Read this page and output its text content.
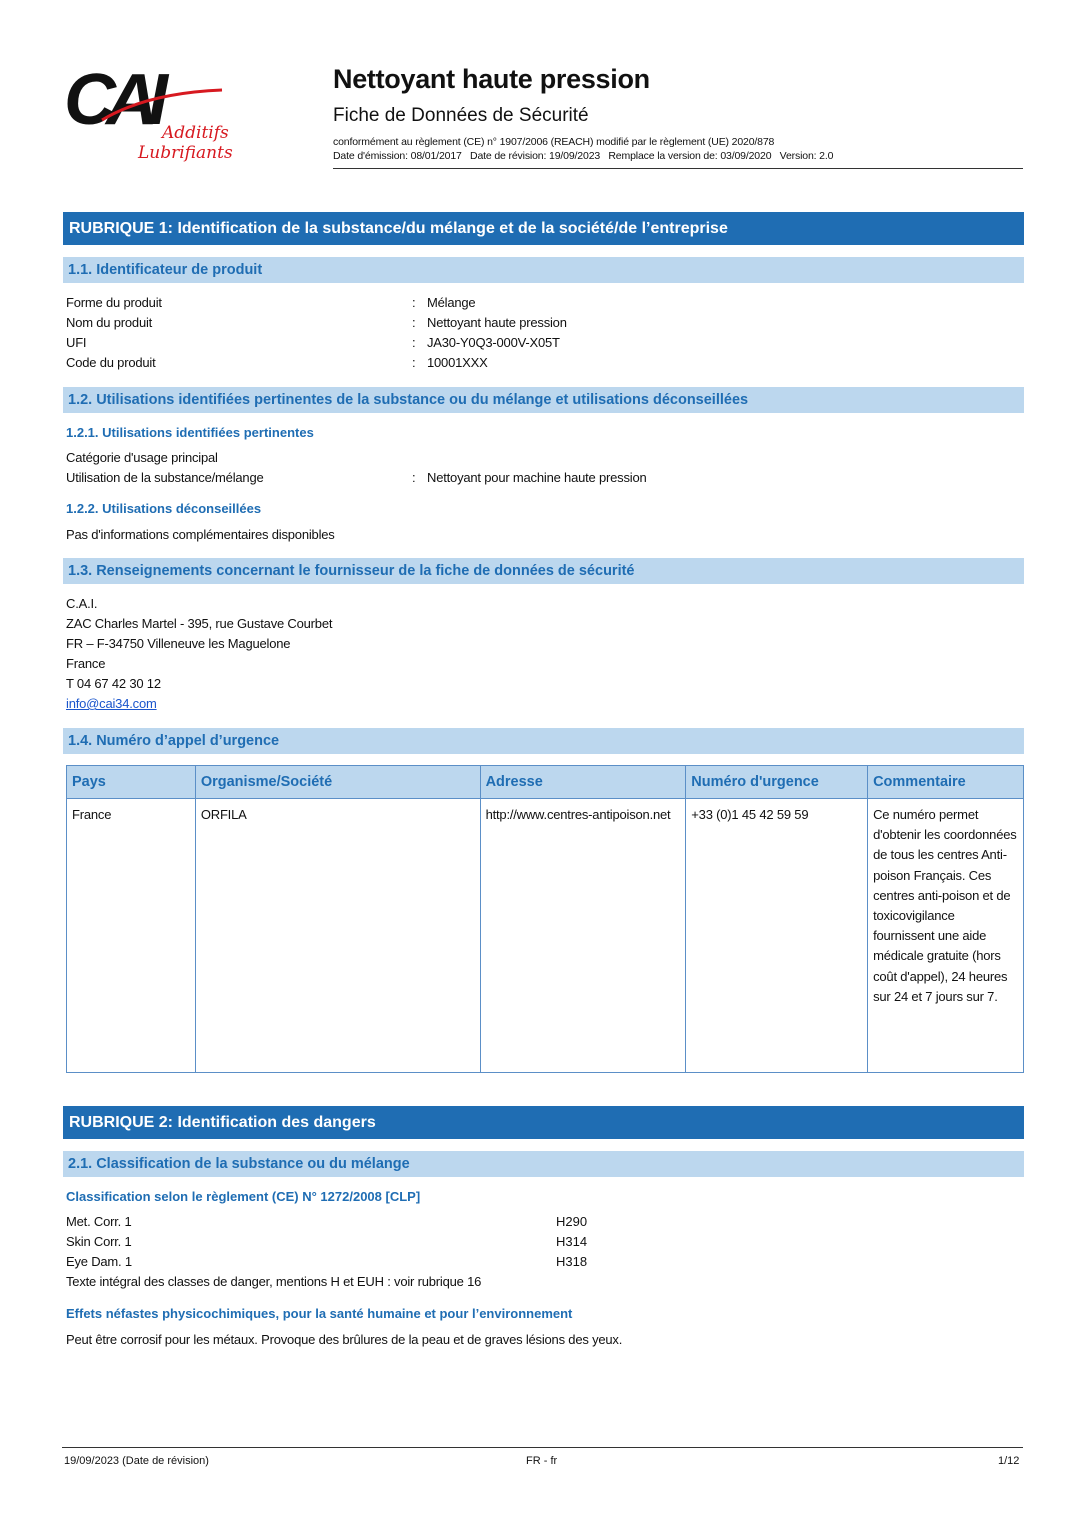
CAI Additifs
Lubrifiants
Nettoyant haute pression
Fiche de Données de Sécurité
conformément au règlement (CE) n° 1907/2006 (REACH) modifié par le règlement (UE) 2020/878
Date d'émission: 08/01/2017   Date de révision: 19/09/2023   Remplace la version de: 03/09/2020   Version: 2.0
RUBRIQUE 1: Identification de la substance/du mélange et de la société/de l’entreprise
1.1. Identificateur de produit
Forme du produit	: Mélange
Nom du produit	: Nettoyant haute pression
UFI	: JA30-Y0Q3-000V-X05T
Code du produit	: 10001XXX
1.2. Utilisations identifiées pertinentes de la substance ou du mélange et utilisations déconseillées
1.2.1. Utilisations identifiées pertinentes
Catégorie d'usage principal
Utilisation de la substance/mélange	: Nettoyant pour machine haute pression
1.2.2. Utilisations déconseillées
Pas d'informations complémentaires disponibles
1.3. Renseignements concernant le fournisseur de la fiche de données de sécurité
C.A.I.
ZAC Charles Martel - 395, rue Gustave Courbet
FR – F-34750 Villeneuve les Maguelone
France
T 04 67 42 30 12
info@cai34.com
1.4. Numéro d’appel d’urgence
Pays	Organisme/Société	Adresse	Numéro d'urgence	Commentaire
France	ORFILA	http://www.centres-antipoison.net	+33 (0)1 45 42 59 59	Ce numéro permet d'obtenir les coordonnées de tous les centres Anti-poison Français. Ces centres anti-poison et de toxicovigilance fournissent une aide médicale gratuite (hors coût d'appel), 24 heures sur 24 et 7 jours sur 7.
RUBRIQUE 2: Identification des dangers
2.1. Classification de la substance ou du mélange
Classification selon le règlement (CE) N° 1272/2008 [CLP]
Met. Corr. 1	H290
Skin Corr. 1	H314
Eye Dam. 1	H318
Texte intégral des classes de danger, mentions H et EUH : voir rubrique 16
Effets néfastes physicochimiques, pour la santé humaine et pour l’environnement
Peut être corrosif pour les métaux. Provoque des brûlures de la peau et de graves lésions des yeux.
19/09/2023 (Date de révision)	FR - fr	1/12
